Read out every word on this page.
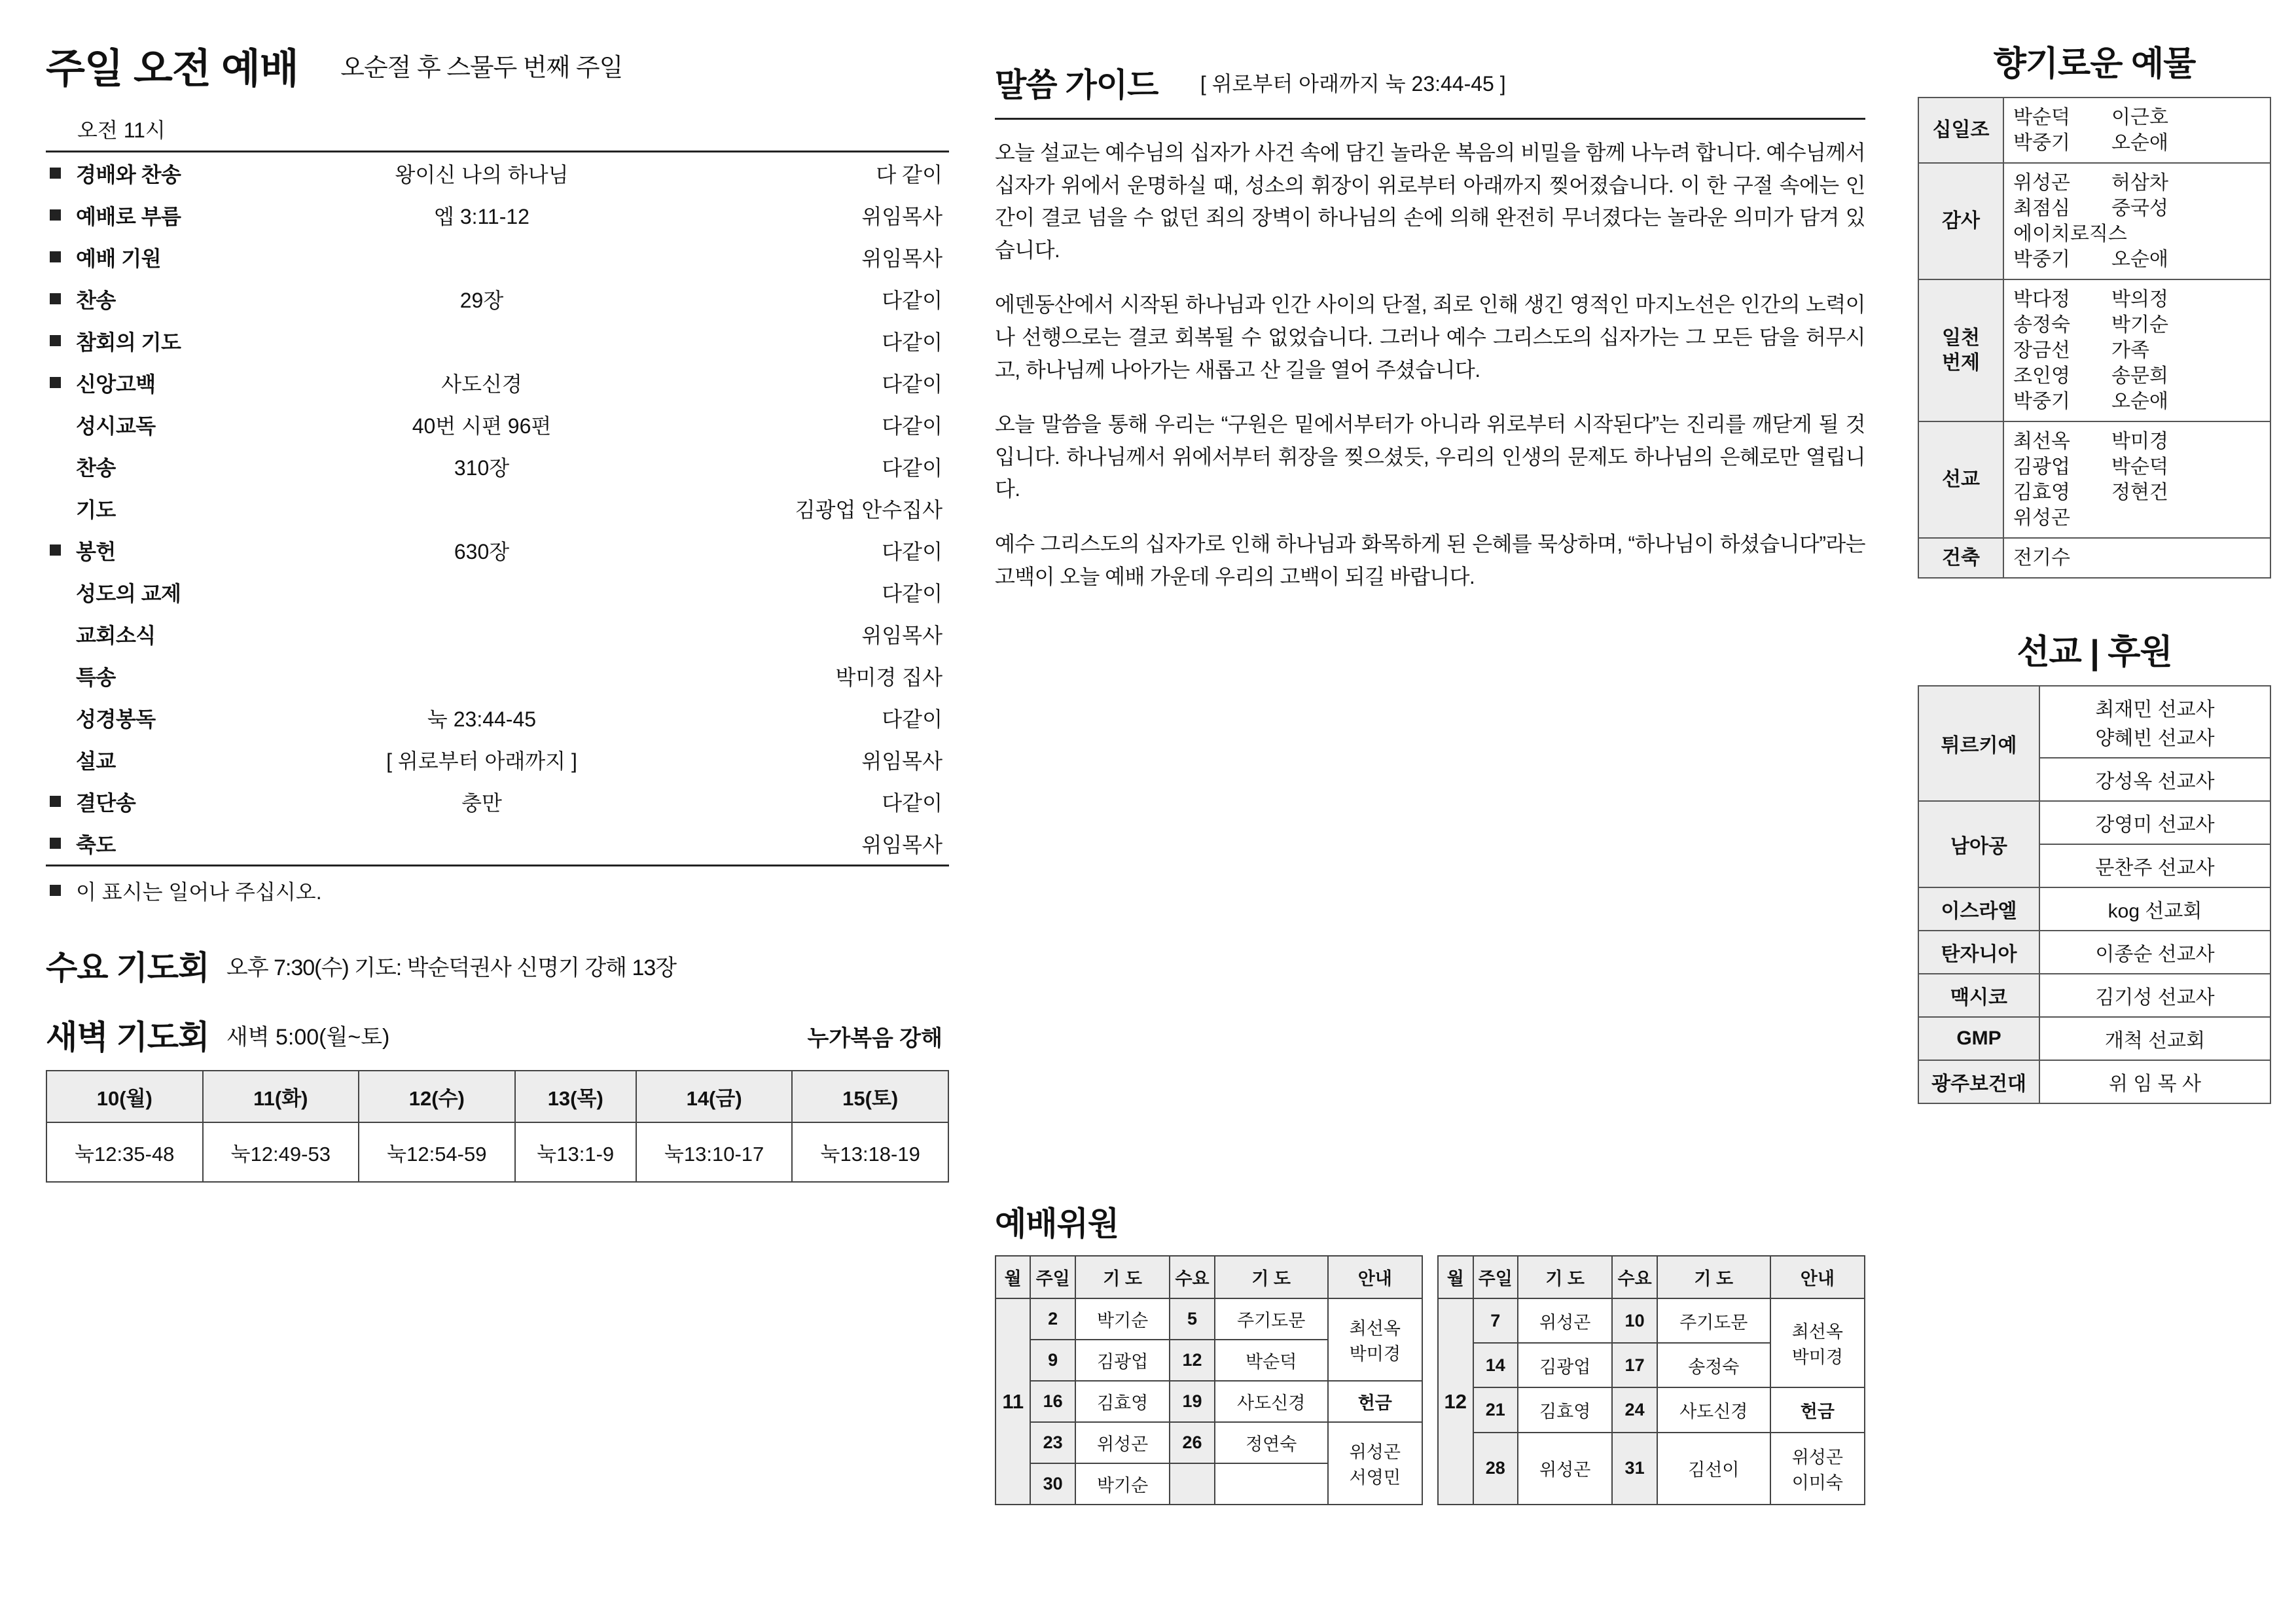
주일 오전 예배 오순절 후 스물두 번째 주일
오전 11시
	경배와 찬송	왕이신 나의 하나님	다 같이
	예배로 부름	엡 3:11-12	위임목사
	예배 기원		위임목사
	찬송	29장	다같이
	참회의 기도		다같이
	신앙고백	사도신경	다같이
	성시교독	40번 시편 96편	다같이
	찬송	310장	다같이
	기도		김광업 안수집사
	봉헌	630장	다같이
	성도의 교제		다같이
	교회소식		위임목사
	특송		박미경 집사
	성경봉독	눅 23:44-45	다같이
	설교	[ 위로부터 아래까지 ]	위임목사
	결단송	충만	다같이
	축도		위임목사
	이 표시는 일어나 주십시오.		
수요 기도회 오후 7:30(수) 기도: 박순덕권사 신명기 강해 13장
새벽 기도회 새벽 5:00(월~토)	누가복음 강해
10(월)	11(화)	12(수)	13(목)	14(금)	15(토)
눅12:35-48	눅12:49-53	눅12:54-59	눅13:1-9	눅13:10-17	눅13:18-19
말씀 가이드 [ 위로부터 아래까지 눅 23:44-45 ]

오늘 설교는 예수님의 십자가 사건 속에 담긴 놀라운 복음의 비밀을 함께 나누려 합니다. 예수님께서 십자가 위에서 운명하실 때, 성소의 휘장이 위로부터 아래까지 찢어졌습니다. 이 한 구절 속에는 인간이 결코 넘을 수 없던 죄의 장벽이 하나님의 손에 의해 완전히 무너졌다는 놀라운 의미가 담겨 있습니다.

에덴동산에서 시작된 하나님과 인간 사이의 단절, 죄로 인해 생긴 영적인 마지노선은 인간의 노력이나 선행으로는 결코 회복될 수 없었습니다. 그러나 예수 그리스도의 십자가는 그 모든 담을 허무시고, 하나님께 나아가는 새롭고 산 길을 열어 주셨습니다.

오늘 말씀을 통해 우리는 “구원은 밑에서부터가 아니라 위로부터 시작된다”는 진리를 깨닫게 될 것입니다. 하나님께서 위에서부터 휘장을 찢으셨듯, 우리의 인생의 문제도 하나님의 은혜로만 열립니다.

예수 그리스도의 십자가로 인해 하나님과 화목하게 된 은혜를 묵상하며, “하나님이 하셨습니다”라는 고백이 오늘 예배 가운데 우리의 고백이 되길 바랍니다.

예배위원
월	주일	기 도	수요	기 도	안내
11	2	박기순	5	주기도문	최선옥
박미경
	9	김광업	12	박순덕	
	16	김효영	19	사도신경	헌금
	23	위성곤	26	정연숙	위성곤
서영민
	30	박기순			
월	주일	기 도	수요	기 도	안내
12	7	위성곤	10	주기도문	최선옥
박미경
	14	김광업	17	송정숙	
	21	김효영	24	사도신경	헌금
	28	위성곤	31	김선이	위성곤
이미숙
향기로운 예물
십일조	박순덕 이근호
박중기 오순애
감사	위성곤 허삼차
최점심 중국성
에이치로직스
박중기 오순애
일천
번제	박다정 박의정
송정숙 박기순
장금선 가족
조인영 송문희
박중기 오순애
선교	최선옥 박미경
김광업 박순덕
김효영 정현건
위성곤
건축	전기수
선교 | 후원
튀르키예	최재민 선교사
양혜빈 선교사
	강성옥 선교사
남아공	강영미 선교사
	문찬주 선교사
이스라엘	kog 선교회
탄자니아	이종순 선교사
맥시코	김기성 선교사
GMP	개척 선교회
광주보건대	위 임 목 사
